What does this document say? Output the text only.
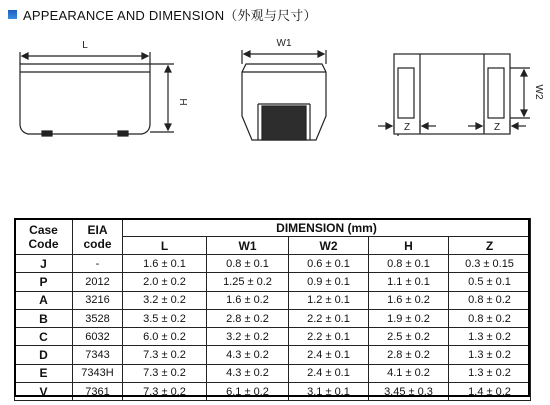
APPEARANCE AND DIMENSION（外观与尺寸）
L
H
W1
W2
Z	Z
Case Code	EIA code	DIMENSION (mm)				
		L	W1	W2	H	Z
J	-	1.6 ± 0.1	0.8 ± 0.1	0.6 ± 0.1	0.8 ± 0.1	0.3 ± 0.15
P	2012	2.0 ± 0.2	1.25 ± 0.2	0.9 ± 0.1	1.1 ± 0.1	0.5 ± 0.1
A	3216	3.2 ± 0.2	1.6 ± 0.2	1.2 ± 0.1	1.6 ± 0.2	0.8 ± 0.2
B	3528	3.5 ± 0.2	2.8 ± 0.2	2.2 ± 0.1	1.9 ± 0.2	0.8 ± 0.2
C	6032	6.0 ± 0.2	3.2 ± 0.2	2.2 ± 0.1	2.5 ± 0.2	1.3 ± 0.2
D	7343	7.3 ± 0.2	4.3 ± 0.2	2.4 ± 0.1	2.8 ± 0.2	1.3 ± 0.2
E	7343H	7.3 ± 0.2	4.3 ± 0.2	2.4 ± 0.1	4.1 ± 0.2	1.3 ± 0.2
V	7361	7.3 ± 0.2	6.1 ± 0.2	3.1 ± 0.1	3.45 ± 0.3	1.4 ± 0.2
